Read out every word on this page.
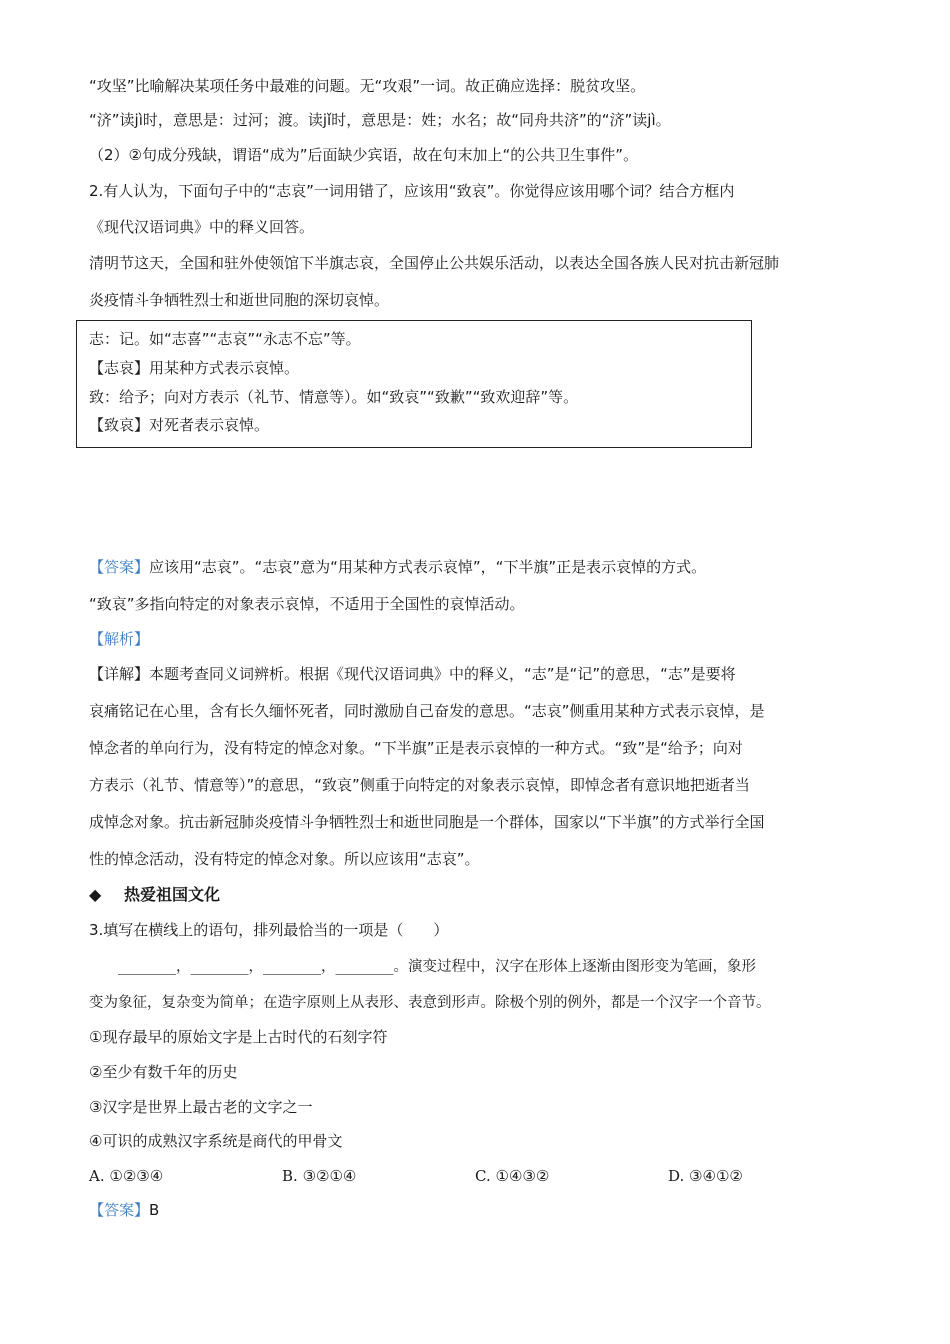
“攻坚”比喻解决某项任务中最难的问题。无“攻艰”一词。故正确应选择：脱贫攻坚。
“济”读jì时，意思是：过河；渡。读jǐ时，意思是：姓；水名；故“同舟共济”的“济”读jì。
（2）②句成分残缺，谓语“成为”后面缺少宾语，故在句末加上“的公共卫生事件”。
2.有人认为，下面句子中的“志哀”一词用错了，应该用“致哀”。你觉得应该用哪个词？结合方框内
《现代汉语词典》中的释义回答。
清明节这天，全国和驻外使领馆下半旗志哀，全国停止公共娱乐活动，以表达全国各族人民对抗击新冠肺
炎疫情斗争牺牲烈士和逝世同胞的深切哀悼。
志：记。如“志喜”“志哀”“永志不忘”等。
【志哀】用某种方式表示哀悼。
致：给予；向对方表示（礼节、情意等）。如“致哀”“致歉”“致欢迎辞”等。
【致哀】对死者表示哀悼。
【答案】应该用“志哀”。“志哀”意为“用某种方式表示哀悼”，“下半旗”正是表示哀悼的方式。
“致哀”多指向特定的对象表示哀悼，不适用于全国性的哀悼活动。
【解析】
【详解】本题考查同义词辨析。根据《现代汉语词典》中的释义，“志”是“记”的意思，“志”是要将
哀痛铭记在心里，含有长久缅怀死者，同时激励自己奋发的意思。“志哀”侧重用某种方式表示哀悼，是
悼念者的单向行为，没有特定的悼念对象。“下半旗”正是表示哀悼的一种方式。“致”是“给予；向对
方表示（礼节、情意等）”的意思，“致哀”侧重于向特定的对象表示哀悼，即悼念者有意识地把逝者当
成悼念对象。抗击新冠肺炎疫情斗争牺牲烈士和逝世同胞是一个群体，国家以“下半旗”的方式举行全国
性的悼念活动，没有特定的悼念对象。所以应该用“志哀”。
◆ 热爱祖国文化
3.填写在横线上的语句，排列最恰当的一项是（　　）
________，________，________，________。演变过程中，汉字在形体上逐渐由图形变为笔画，象形
变为象征，复杂变为简单；在造字原则上从表形、表意到形声。除极个别的例外，都是一个汉字一个音节。
①现存最早的原始文字是上古时代的石刻字符
②至少有数千年的历史
③汉字是世界上最古老的文字之一
④可识的成熟汉字系统是商代的甲骨文
A. ①②③④	B. ③②①④	C. ①④③②	D. ③④①②
【答案】B
